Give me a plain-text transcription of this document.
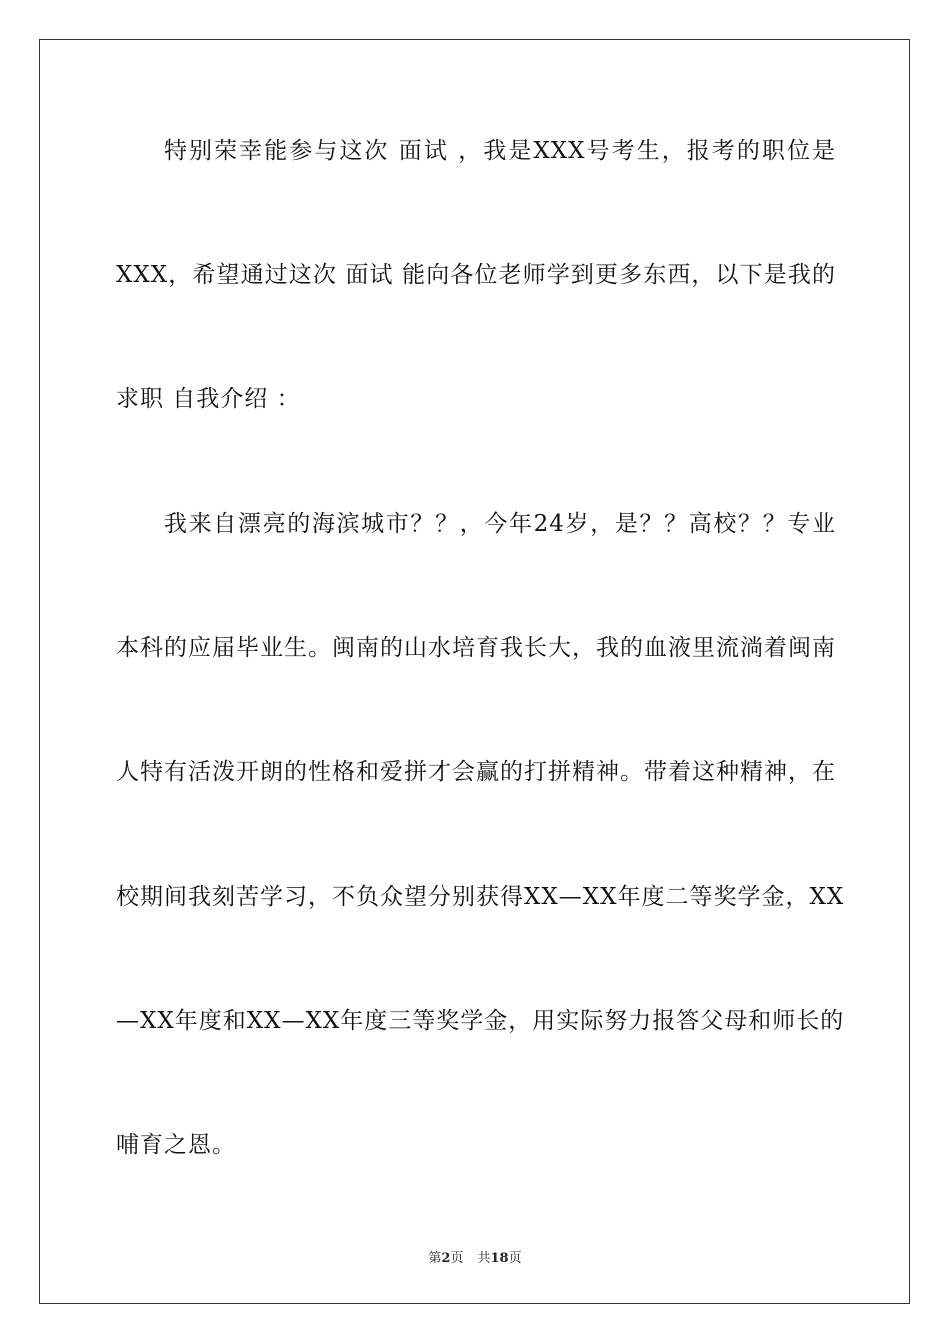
特别荣幸能参与这次 面试 ，我是XXX号考生，报考的职位是
XXX，希望通过这次 面试 能向各位老师学到更多东西，以下是我的
求职 自我介绍 ：
我来自漂亮的海滨城市？？，今年24岁，是？？高校？？专业
本科的应届毕业生。闽南的山水培育我长大，我的血液里流淌着闽南
人特有活泼开朗的性格和爱拼才会赢的打拼精神。带着这种精神，在
校期间我刻苦学习，不负众望分别获得XX—XX年度二等奖学金，XX
—XX年度和XX—XX年度三等奖学金，用实际努力报答父母和师长的
哺育之恩。
第2页 共18页
